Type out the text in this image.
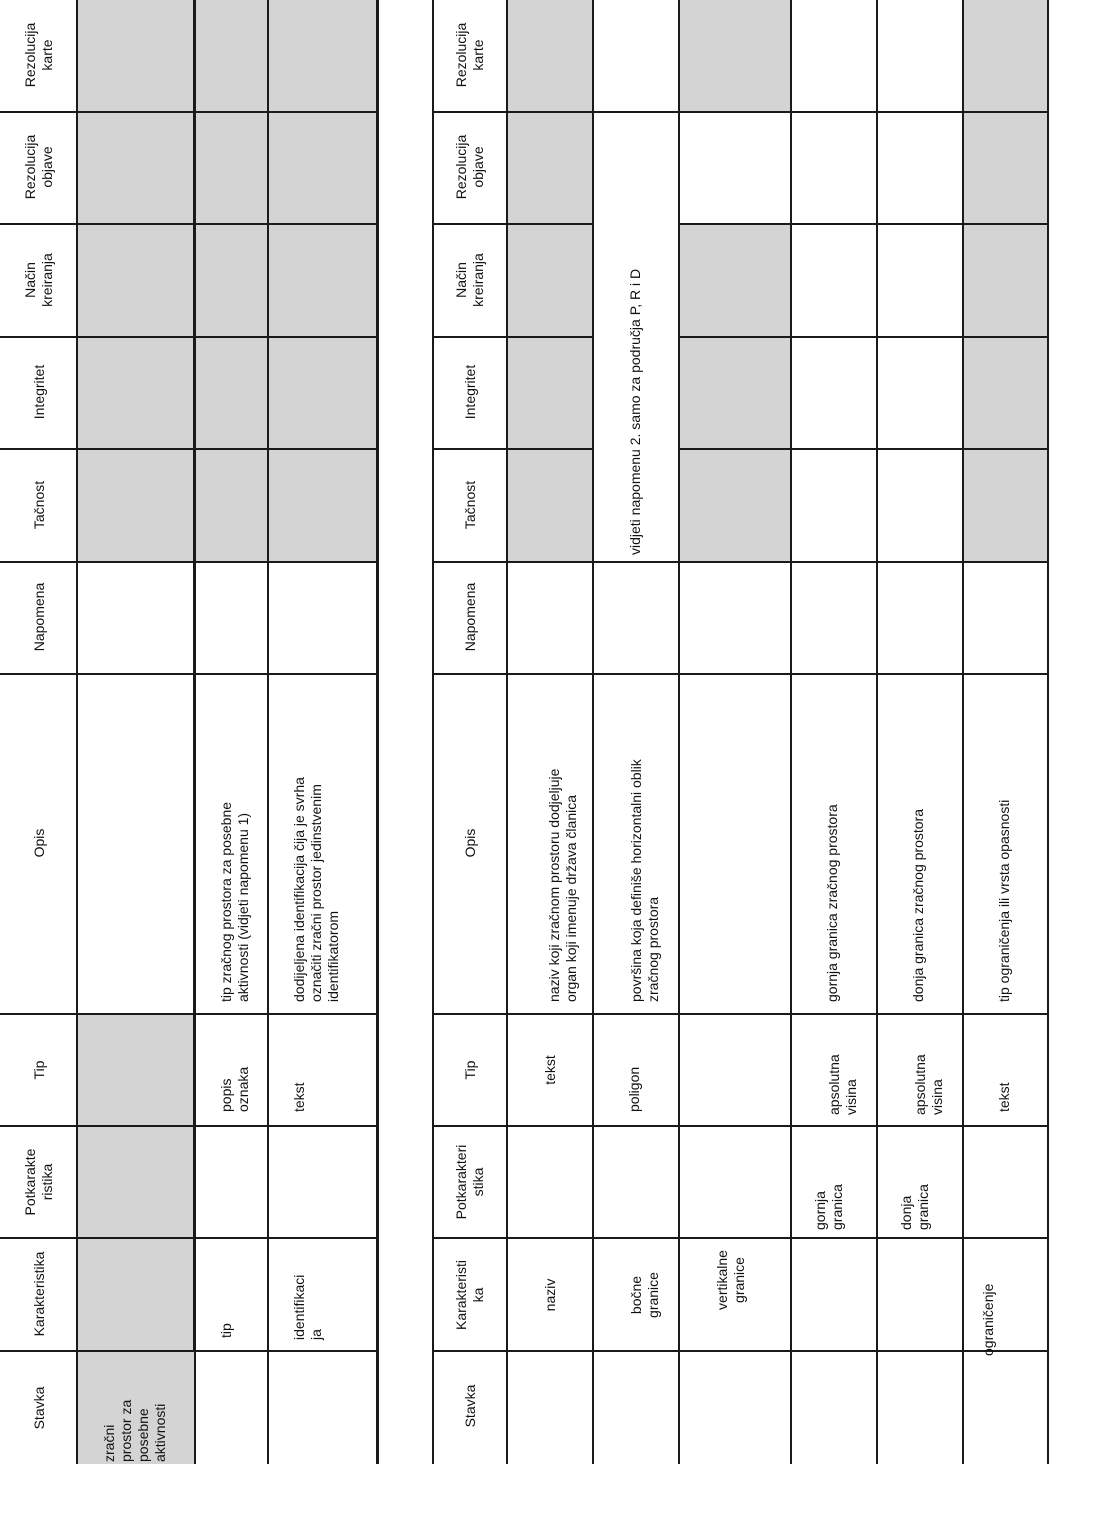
Rezolucija
karte
Rezolucija
objave
Način
kreiranja
Integritet
Tačnost
Napomena
Opis
Tip
Potkarakte
ristika
Karakteristika
Stavka
zračni
prostor za
posebne
aktivnosti
tip
popis
oznaka
tip zračnog prostora za posebne
aktivnosti (vidjeti napomenu 1)
identifikaci
ja
tekst
dodijeljena identifikacija čija je svrha
označiti zračni prostor jedinstvenim
identifikatorom
Rezolucija
karte
Rezolucija
objave
Način
kreiranja
Integritet
Tačnost
Napomena
Opis
Tip
Potkarakteri
stika
Karakteristi
ka
Stavka
naziv
tekst
naziv koji zračnom prostoru dodjeljuje
organ koji imenuje država članica
bočne
granice
poligon
površina koja definiše horizontalni oblik
zračnog prostora
vidjeti napomenu 2. samo za područja P, R i D
vertikalne
granice
gornja
granica
apsolutna
visina
gornja granica zračnog prostora
donja
granica
apsolutna
visina
donja granica zračnog prostora
ograničenje
tekst
tip ograničenja ili vrsta opasnosti
